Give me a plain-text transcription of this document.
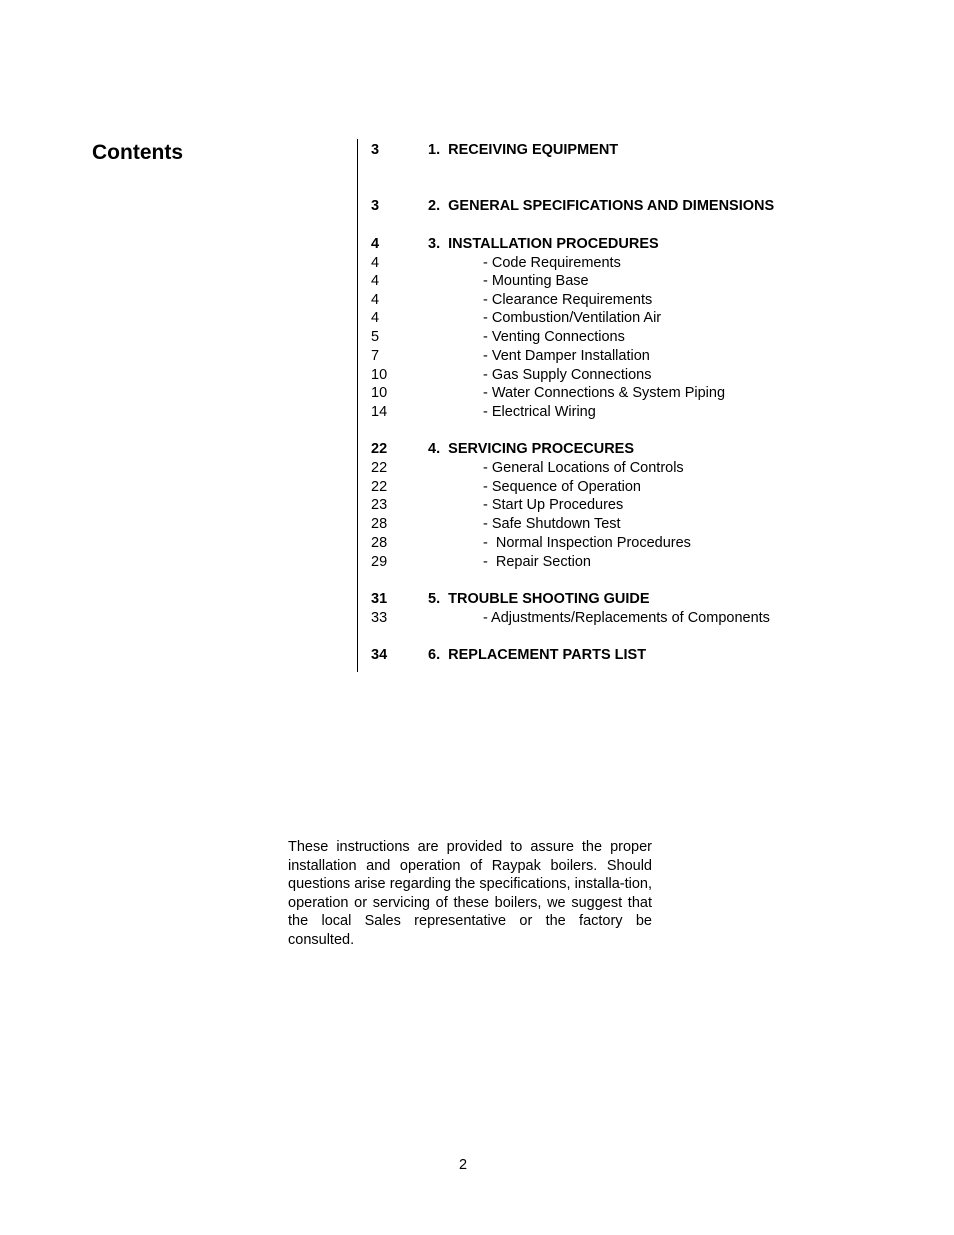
Contents	3	1.  RECEIVING EQUIPMENT
3	2.  GENERAL SPECIFICATIONS AND DIMENSIONS
4	3.  INSTALLATION PROCEDURES
4	- Code Requirements
4	- Mounting Base
4	- Clearance Requirements
4	- Combustion/Ventilation Air
5	- Venting Connections
7	- Vent Damper Installation
10	- Gas Supply Connections
10	- Water Connections & System Piping
14	- Electrical Wiring
22	4.  SERVICING PROCECURES
22	- General Locations of Controls
22	- Sequence of Operation
23	- Start Up Procedures
28	- Safe Shutdown Test
28	-  Normal Inspection Procedures
29	-  Repair Section
31	5.  TROUBLE SHOOTING GUIDE
33	- Adjustments/Replacements of Components
34	6.  REPLACEMENT PARTS LIST

These instructions are provided to assure the proper installation and operation of Raypak boilers. Should questions arise regarding the specifications, installa-tion, operation or servicing of these boilers, we suggest that the local Sales representative or the factory be consulted.

2
